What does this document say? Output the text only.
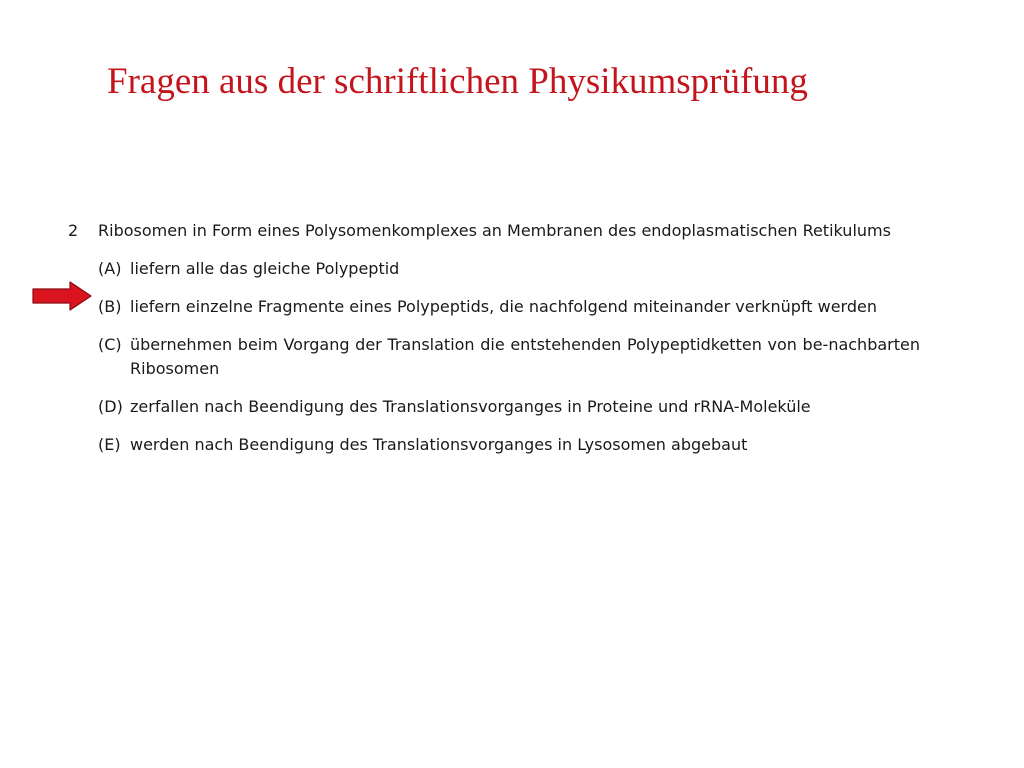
Fragen aus der schriftlichen Physikumsprüfung
2	Ribosomen in Form eines Polysomenkomplexes an Membranen des endoplasmatischen Retikulums
(A) liefern alle das gleiche Polypeptid
(B) liefern einzelne Fragmente eines Polypeptids, die nachfolgend miteinander verknüpft werden
(C) übernehmen beim Vorgang der Translation die entstehenden Polypeptidketten von be-nachbarten Ribosomen
(D) zerfallen nach Beendigung des Translationsvorganges in Proteine und rRNA-Moleküle
(E) werden nach Beendigung des Translationsvorganges in Lysosomen abgebaut
